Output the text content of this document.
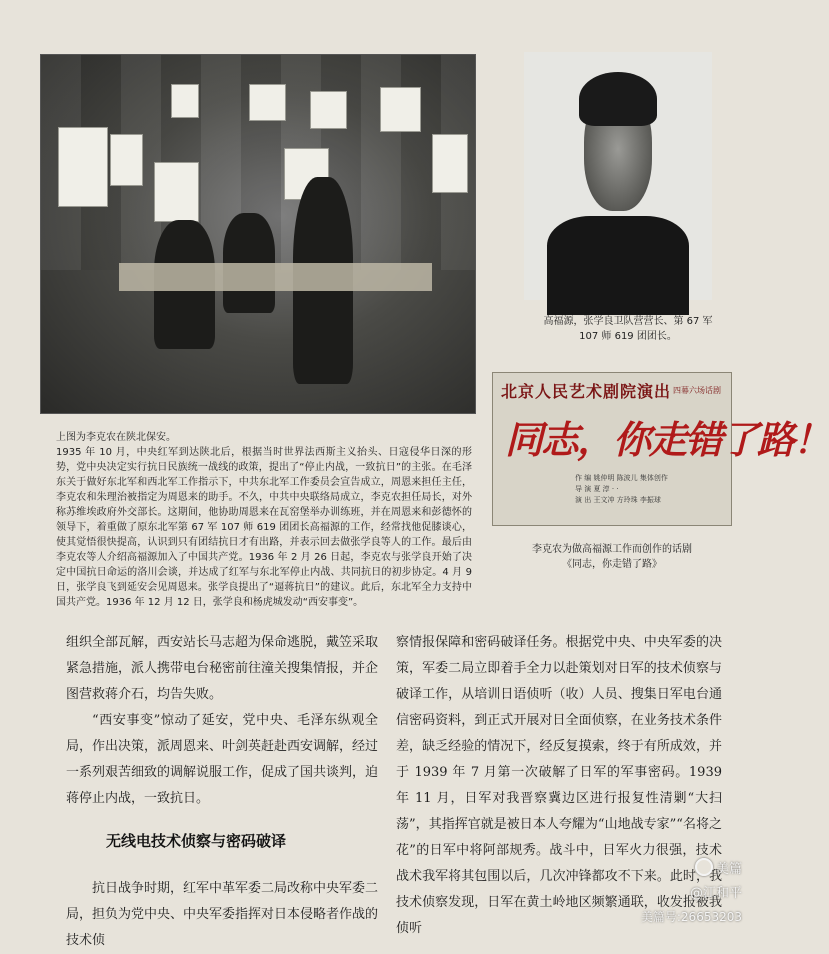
上图为李克农在陕北保安。
1935 年 10 月，中央红军到达陕北后，根据当时世界法西斯主义抬头、日寇侵华日深的形势，党中央决定实行抗日民族统一战线的政策，提出了“停止内战，一致抗日”的主张。在毛泽东关于做好东北军和西北军工作指示下，中共东北军工作委员会宣告成立，周恩来担任主任，李克农和朱理治被指定为周恩来的助手。不久，中共中央联络局成立，李克农担任局长，对外称苏维埃政府外交部长。这期间，他协助周恩来在瓦窑堡举办训练班，并在周恩来和彭德怀的领导下，着重做了原东北军第 67 军 107 师 619 团团长高福源的工作，经常找他促膝谈心，使其觉悟很快提高，认识到只有团结抗日才有出路，并表示回去做张学良等人的工作。最后由李克农等人介绍高福源加入了中国共产党。1936 年 2 月 26 日起，李克农与张学良开始了决定中国抗日命运的洛川会谈，并达成了红军与东北军停止内战、共同抗日的初步协定。4 月 9 日，张学良飞到延安会见周恩来。张学良提出了“逼蒋抗日”的建议。此后，东北军全力支持中国共产党。1936 年 12 月 12 日，张学良和杨虎城发动“西安事变”。
高福源，张学良卫队营营长、第 67 军 107 师 619 团团长。
北京人民艺术剧院演出 四幕六场话剧
同志，你走错了路！
作 编 姚仲明 陈波儿 集体创作
导 演 夏 淳 · ·
演 出 王文冲 方玲珠 李振球
李克农为做高福源工作而创作的话剧
《同志，你走错了路》

组织全部瓦解，西安站长马志超为保命逃脱，戴笠采取紧急措施，派人携带电台秘密前往潼关搜集情报，并企图营救蒋介石，均告失败。

“西安事变”惊动了延安，党中央、毛泽东纵观全局，作出决策，派周恩来、叶剑英赶赴西安调解，经过一系列艰苦细致的调解说服工作，促成了国共谈判，迫蒋停止内战，一致抗日。

无线电技术侦察与密码破译

抗日战争时期，红军中革军委二局改称中央军委二局，担负为党中央、中央军委指挥对日本侵略者作战的技术侦

察情报保障和密码破译任务。根据党中央、中央军委的决策，军委二局立即着手全力以赴策划对日军的技术侦察与破译工作，从培训日语侦听（收）人员、搜集日军电台通信密码资料，到正式开展对日全面侦察，在业务技术条件差，缺乏经验的情况下，经反复摸索，终于有所成效，并于 1939 年 7 月第一次破解了日军的军事密码。1939 年 11 月，日军对我晋察冀边区进行报复性清剿“大扫荡”，其指挥官就是被日本人夸耀为“山地战专家”“名将之花”的日军中将阿部规秀。战斗中，日军火力很强，技术战术我军将其包围以后，几次冲锋都攻不下来。此时，我技术侦察发现，日军在黄土岭地区频繁通联，收发报被我侦听

美篇
@江和平
美篇号:26653203
